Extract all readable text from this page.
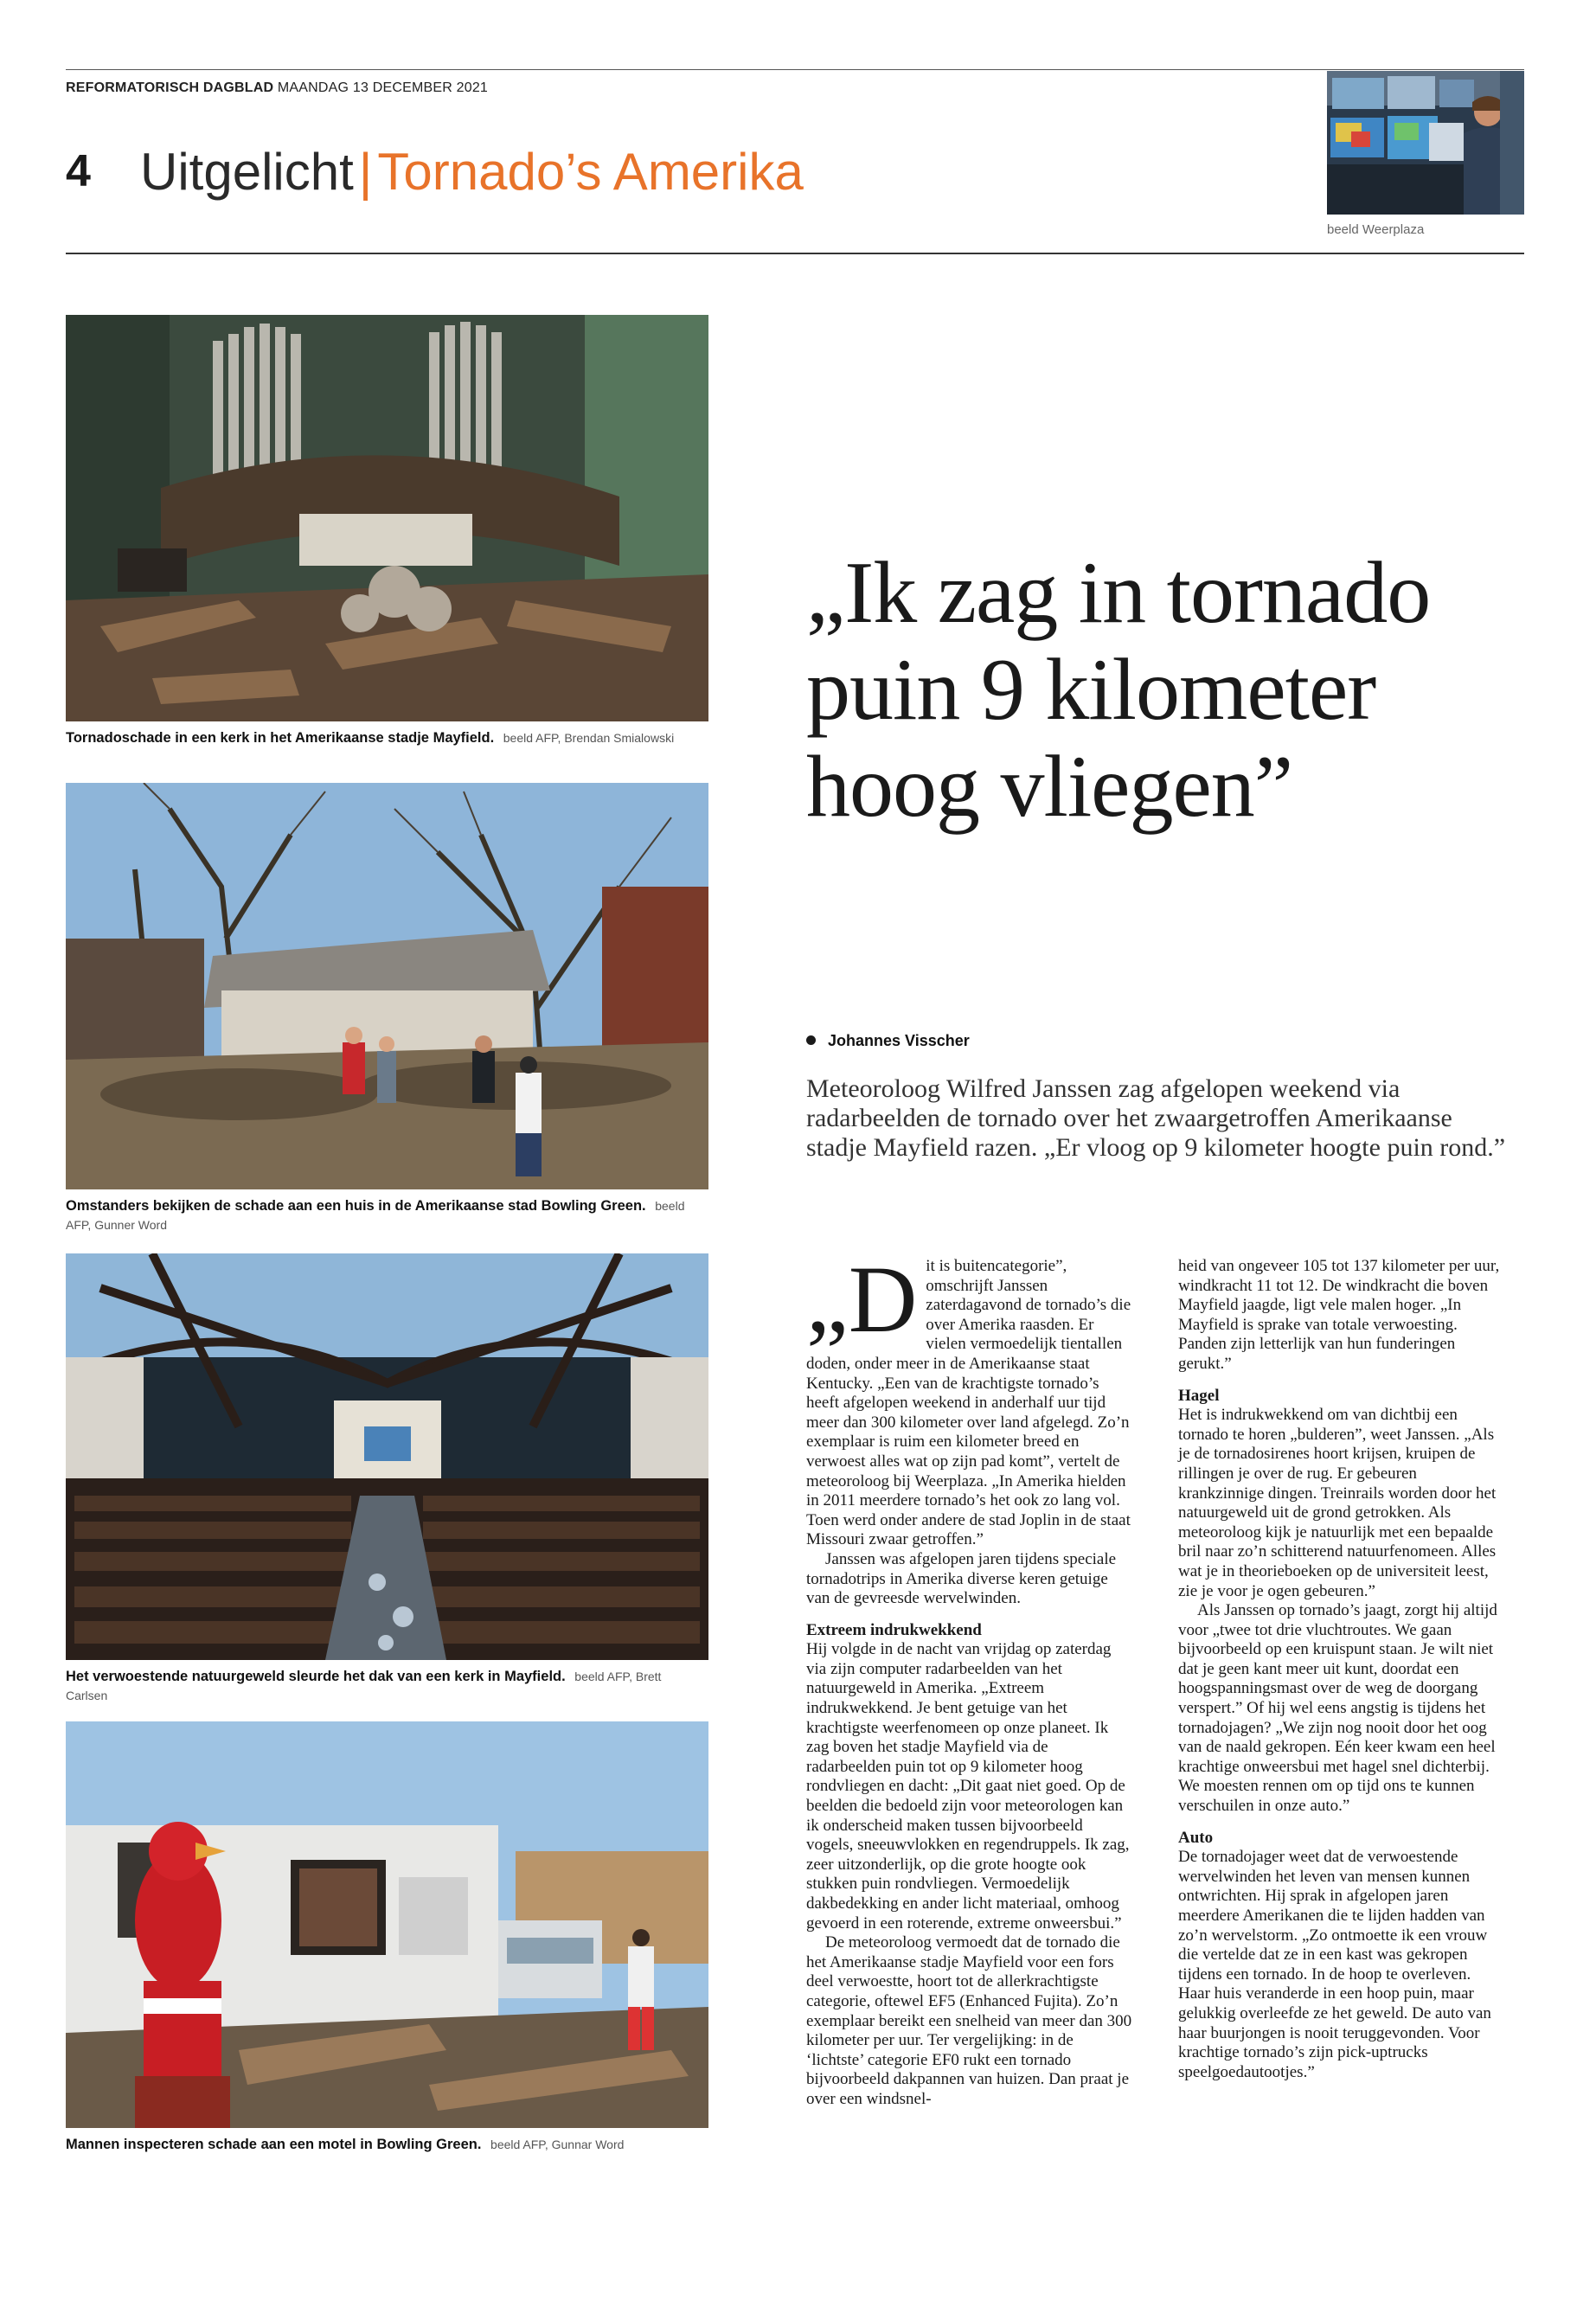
REFORMATORISCH DAGBLAD MAANDAG 13 DECEMBER 2021
4 Uitgelicht | Tornado’s Amerika
beeld Weerplaza
Tornadoschade in een kerk in het Amerikaanse stadje Mayfield. beeld AFP, Brendan Smialowski
Omstanders bekijken de schade aan een huis in de Amerikaanse stad Bowling Green. beeld AFP, Gunner Word
Het verwoestende natuurgeweld sleurde het dak van een kerk in Mayfield. beeld AFP, Brett Carlsen
Mannen inspecteren schade aan een motel in Bowling Green. beeld AFP, Gunnar Word
„Ik zag in tornado puin 9 kilometer hoog vliegen”
Johannes Visscher
Meteoroloog Wilfred Janssen zag afgelopen weekend via radarbeelden de tornado over het zwaargetroffen Amerikaanse stadje Mayfield razen. „Er vloog op 9 kilometer hoogte puin rond.”
„D it is buitencategorie”, omschrijft Janssen zaterdagavond de tornado’s die over Amerika raasden. Er vielen vermoedelijk tientallen doden, onder meer in de Amerikaanse staat Kentucky. „Een van de krachtigste tornado’s heeft afgelopen weekend in anderhalf uur tijd meer dan 300 kilometer over land afgelegd. Zo’n exemplaar is ruim een kilometer breed en verwoest alles wat op zijn pad komt”, vertelt de meteoroloog bij Weerplaza. „In Amerika hielden in 2011 meerdere tornado’s het ook zo lang vol. Toen werd onder andere de stad Joplin in de staat Missouri zwaar getroffen.”

Janssen was afgelopen jaren tijdens speciale tornadotrips in Amerika diverse keren getuige van de gevreesde wervelwinden.

Extreem indrukwekkend

Hij volgde in de nacht van vrijdag op zaterdag via zijn computer radarbeelden van het natuurgeweld in Amerika. „Extreem indrukwekkend. Je bent getuige van het krachtigste weerfenomeen op onze planeet. Ik zag boven het stadje Mayfield via de radarbeelden puin tot op 9 kilometer hoog rondvliegen en dacht: „Dit gaat niet goed. Op de beelden die bedoeld zijn voor meteorologen kan ik onderscheid maken tussen bijvoorbeeld vogels, sneeuwvlokken en regendruppels. Ik zag, zeer uitzonderlijk, op die grote hoogte ook stukken puin rondvliegen. Vermoedelijk dakbedekking en ander licht materiaal, omhoog gevoerd in een roterende, extreme onweersbui.”

De meteoroloog vermoedt dat de tornado die het Amerikaanse stadje Mayfield voor een fors deel verwoestte, hoort tot de allerkrachtigste categorie, oftewel EF5 (Enhanced Fujita). Zo’n exemplaar bereikt een snelheid van meer dan 300 kilometer per uur. Ter vergelijking: in de ‘lichtste’ categorie EF0 rukt een tornado bijvoorbeeld dakpannen van huizen. Dan praat je over een windsnel-

heid van ongeveer 105 tot 137 kilometer per uur, windkracht 11 tot 12. De windkracht die boven Mayfield jaagde, ligt vele malen hoger. „In Mayfield is sprake van totale verwoesting. Panden zijn letterlijk van hun funderingen gerukt.”

Hagel

Het is indrukwekkend om van dichtbij een tornado te horen „bulderen”, weet Janssen. „Als je de tornadosirenes hoort krijsen, kruipen de rillingen je over de rug. Er gebeuren krankzinnige dingen. Treinrails worden door het natuurgeweld uit de grond getrokken. Als meteoroloog kijk je natuurlijk met een bepaalde bril naar zo’n schitterend natuurfenomeen. Alles wat je in theorieboeken op de universiteit leest, zie je voor je ogen gebeuren.”

Als Janssen op tornado’s jaagt, zorgt hij altijd voor „twee tot drie vluchtroutes. We gaan bijvoorbeeld op een kruispunt staan. Je wilt niet dat je geen kant meer uit kunt, doordat een hoogspanningsmast over de weg de doorgang verspert.” Of hij wel eens angstig is tijdens het tornadojagen? „We zijn nog nooit door het oog van de naald gekropen. Eén keer kwam een heel krachtige onweersbui met hagel snel dichterbij. We moesten rennen om op tijd ons te kunnen verschuilen in onze auto.”

Auto

De tornadojager weet dat de verwoestende wervelwinden het leven van mensen kunnen ontwrichten. Hij sprak in afgelopen jaren meerdere Amerikanen die te lijden hadden van zo’n wervelstorm. „Zo ontmoette ik een vrouw die vertelde dat ze in een kast was gekropen tijdens een tornado. In de hoop te overleven. Haar huis veranderde in een hoop puin, maar gelukkig overleefde ze het geweld. De auto van haar buurjongen is nooit teruggevonden. Voor krachtige tornado’s zijn pick-uptrucks speelgoedautootjes.”
